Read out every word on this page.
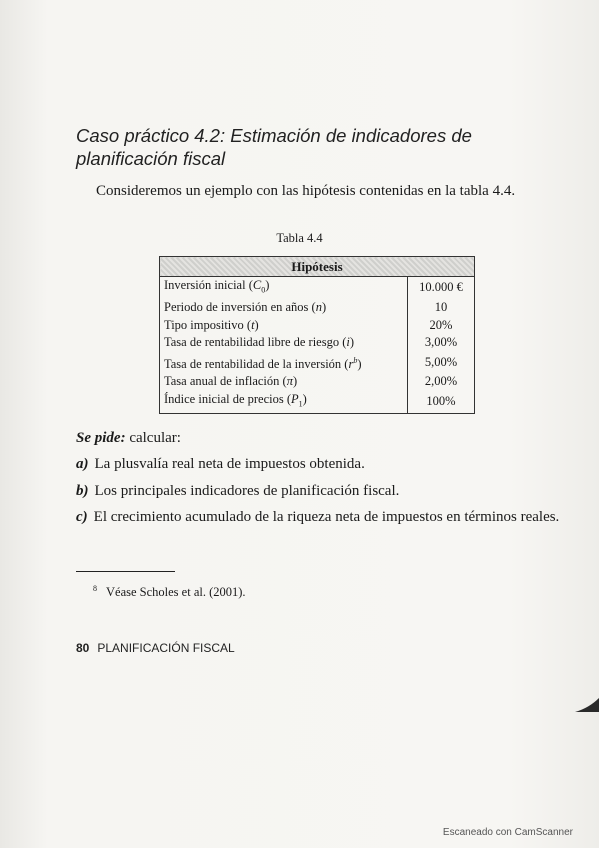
Caso práctico 4.2: Estimación de indicadores de
planificación fiscal

Consideremos un ejemplo con las hipótesis contenidas en la tabla 4.4.

Tabla 4.4

Hipótesis	
Inversión inicial $(C_0)$	10.000 €
Periodo de inversión en años (n)	10
Tipo impositivo (t)	20%
Tasa de rentabilidad libre de riesgo (i)	3,00%
Tasa de rentabilidad de la inversión $(r^b)$	5,00%
Tasa anual de inflación (π)	2,00%
Índice inicial de precios $(P_1)$	100%

Se pide: calcular:

a) La plusvalía real neta de impuestos obtenida.
b) Los principales indicadores de planificación fiscal.
c) El crecimiento acumulado de la riqueza neta de impuestos en términos reales.

$^8$ Véase Scholes et al. (2001).

80 PLANIFICACIÓN FISCAL

Escaneado con CamScanner
